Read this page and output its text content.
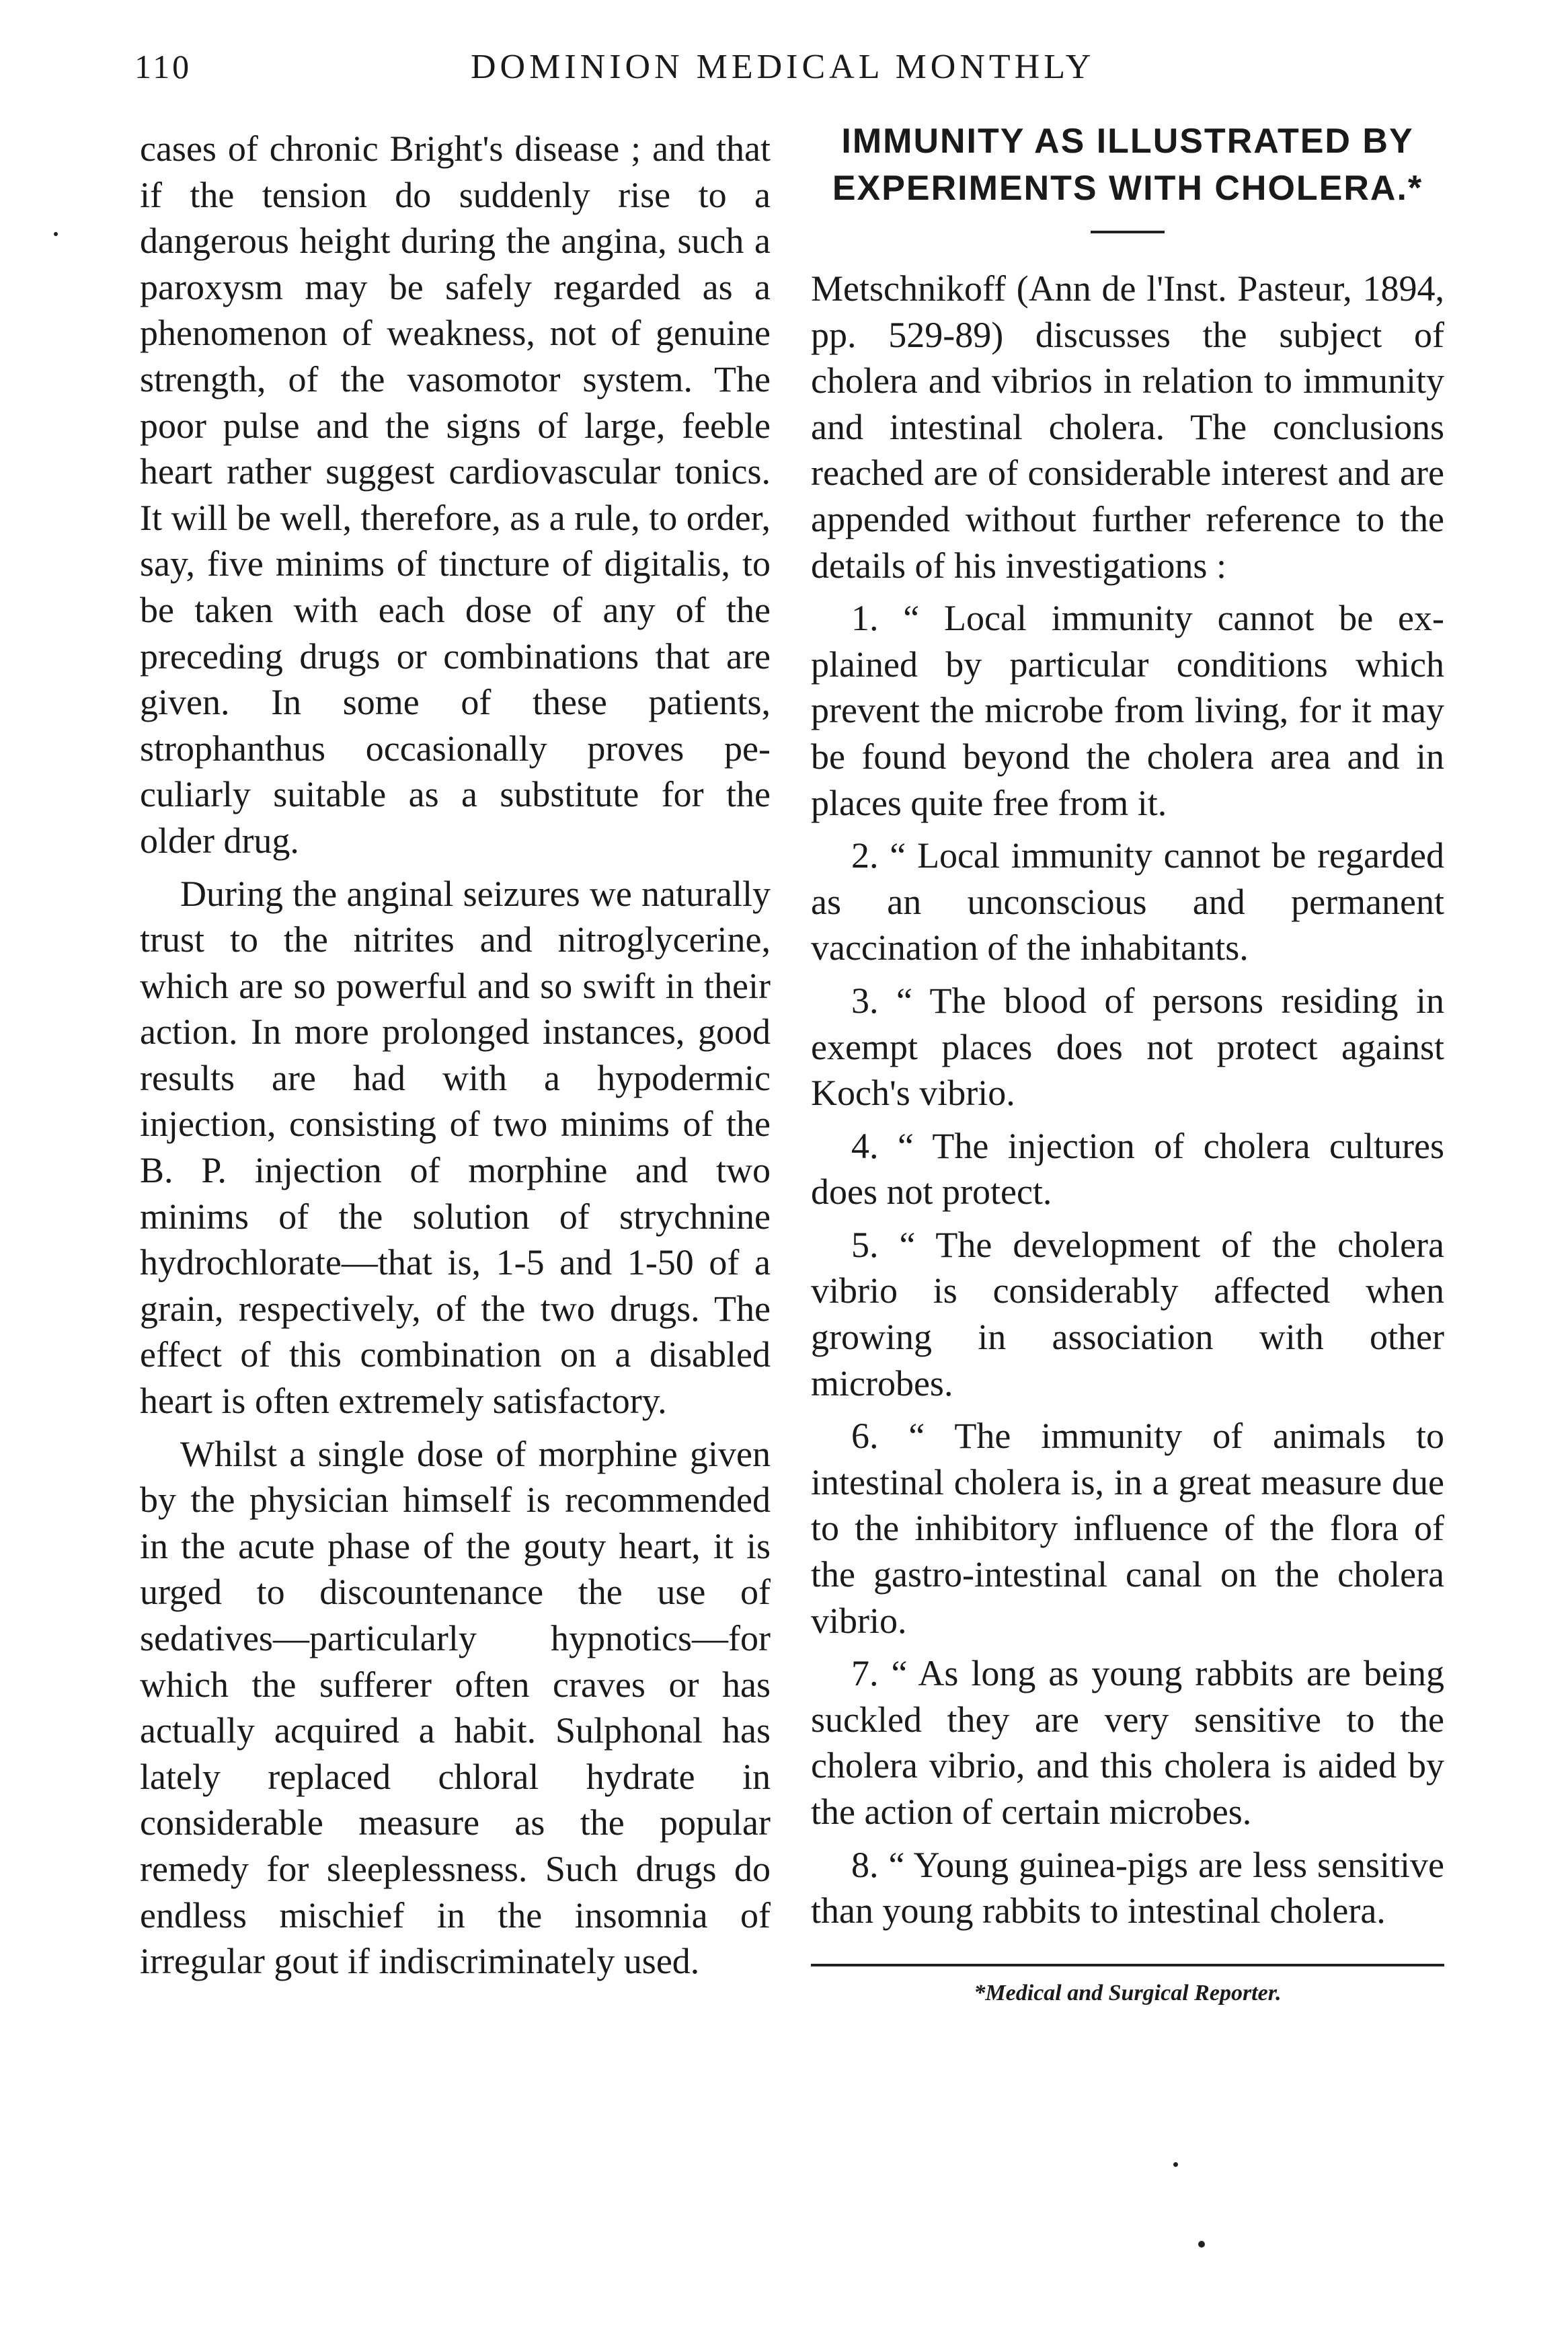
110	DOMINION MEDICAL MONTHLY

cases of chronic Bright's disease ; and that if the tension do suddenly rise to a dangerous height during the angina, such a paroxysm may be safely regarded as a phenomenon of weakness, not of genuine strength, of the vasomotor system. The poor pulse and the signs of large, feeble heart rather suggest cardiovascular tonics. It will be well, therefore, as a rule, to order, say, five minims of tincture of digitalis, to be taken with each dose of any of the preceding drugs or combinations that are given. In some of these patients, strophanthus occasionally proves peculiarly suitable as a substitute for the older drug.

During the anginal seizures we naturally trust to the nitrites and nitroglycerine, which are so powerful and so swift in their action. In more prolonged instances, good results are had with a hypodermic injection, consisting of two minims of the B. P. injection of morphine and two minims of the solution of strychnine hydrochlorate—that is, 1-5 and 1-50 of a grain, respectively, of the two drugs. The effect of this combination on a disabled heart is often extremely satisfactory.

Whilst a single dose of morphine given by the physician himself is recommended in the acute phase of the gouty heart, it is urged to discountenance the use of sedatives—particularly hypnotics—for which the sufferer often craves or has actually acquired a habit. Sulphonal has lately replaced chloral hydrate in considerable measure as the popular remedy for sleeplessness. Such drugs do endless mischief in the insomnia of irregular gout if indiscriminately used.

IMMUNITY AS ILLUSTRATED BY EXPERIMENTS WITH CHOLERA.*

Metschnikoff (Ann de l'Inst. Pasteur, 1894, pp. 529-89) discusses the subject of cholera and vibrios in relation to immunity and intestinal cholera. The conclusions reached are of considerable interest and are appended without further reference to the details of his investigations :

1. “ Local immunity cannot be explained by particular conditions which prevent the microbe from living, for it may be found beyond the cholera area and in places quite free from it.

2. “ Local immunity cannot be regarded as an unconscious and permanent vaccination of the inhabitants.

3. “ The blood of persons residing in exempt places does not protect against Koch's vibrio.

4. “ The injection of cholera cultures does not protect.

5. “ The development of the cholera vibrio is considerably affected when growing in association with other microbes.

6. “ The immunity of animals to intestinal cholera is, in a great measure due to the inhibitory influence of the flora of the gastro-intestinal canal on the cholera vibrio.

7. “ As long as young rabbits are being suckled they are very sensitive to the cholera vibrio, and this cholera is aided by the action of certain microbes.

8. “ Young guinea-pigs are less sensitive than young rabbits to intestinal cholera.

*Medical and Surgical Reporter.
